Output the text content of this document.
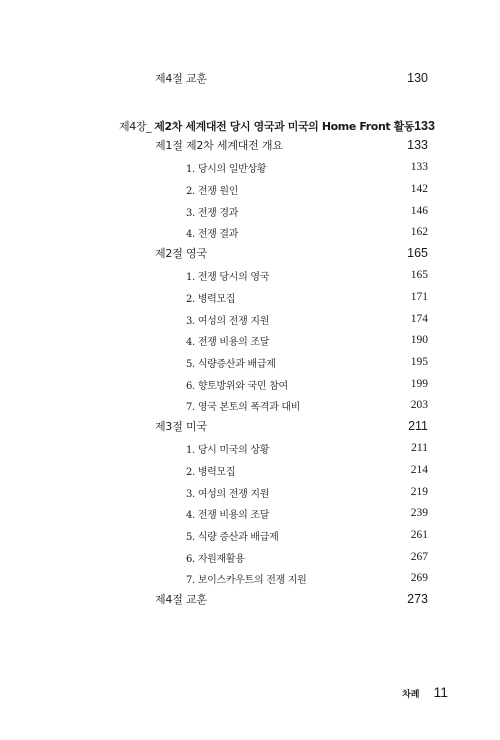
제4절 교훈	130
제4장_ 제2차 세계대전 당시 영국과 미국의 Home Front 활동 133
제1절 제2차 세계대전 개요	133
1. 당시의 일반상황	133
2. 전쟁 원인	142
3. 전쟁 경과	146
4. 전쟁 결과	162
제2절 영국	165
1. 전쟁 당시의 영국	165
2. 병력모집	171
3. 여성의 전쟁 지원	174
4. 전쟁 비용의 조달	190
5. 식량증산과 배급제	195
6. 향토방위와 국민 참여	199
7. 영국 본토의 폭격과 대비	203
제3절 미국	211
1. 당시 미국의 상황	211
2. 병력모집	214
3. 여성의 전쟁 지원	219
4. 전쟁 비용의 조달	239
5. 식량 증산과 배급제	261
6. 자원재활용	267
7. 보이스카우트의 전쟁 지원	269
제4절 교훈	273
차례 11
